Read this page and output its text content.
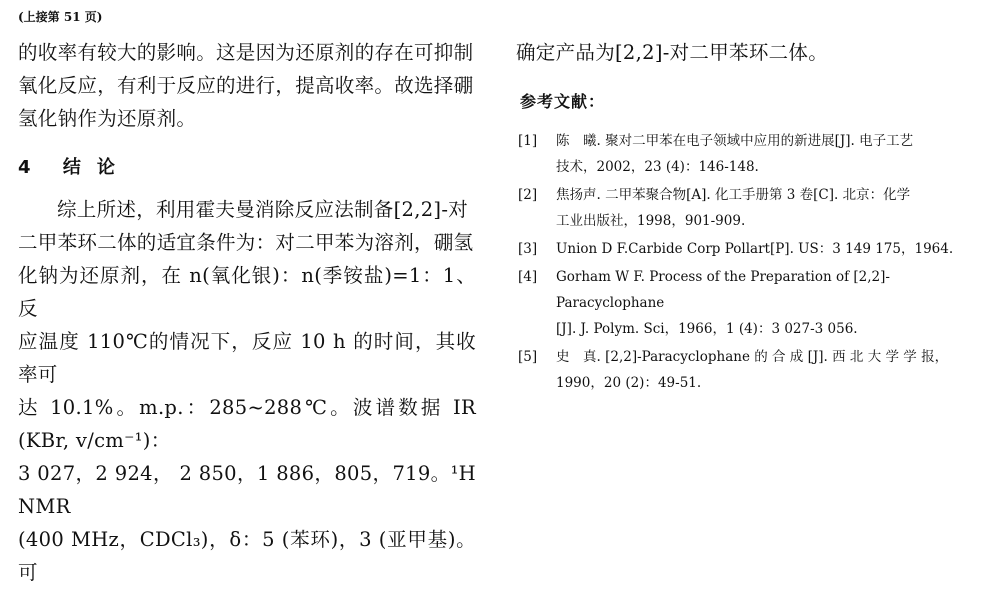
(上接第 51 页)

的收率有较大的影响。这是因为还原剂的存在可抑制

氧化反应，有利于反应的进行，提高收率。故选择硼

氢化钠作为还原剂。

4 结 论

综上所述，利用霍夫曼消除反应法制备[2,2]-对

二甲苯环二体的适宜条件为：对二甲苯为溶剂，硼氢

化钠为还原剂，在 n(氧化银)：n(季铵盐)=1：1、反

应温度 110℃的情况下，反应 10 h 的时间，其收率可

达 10.1%。m.p.：285~288℃。波谱数据 IR (KBr, v/cm⁻¹)：

3 027，2 924， 2 850，1 886，805，719。¹H NMR

(400 MHz，CDCl₃)，δ：5 (苯环)，3 (亚甲基)。可

确定产品为[2,2]-对二甲苯环二体。

参考文献：
[1]	陈　曦. 聚对二甲苯在电子领域中应用的新进展[J]. 电子工艺
技术，2002，23 (4)：146-148.
[2]	焦扬声. 二甲苯聚合物[A]. 化工手册第 3 卷[C]. 北京：化学
工业出版社，1998，901-909.
[3]	Union D F.Carbide Corp Pollart[P]. US：3 149 175，1964.
[4]	Gorham W F. Process of the Preparation of [2,2]-Paracyclophane
[J]. J. Polym. Sci，1966，1 (4)：3 027-3 056.
[5]	史　真. [2,2]-Paracyclophane 的 合 成 [J]. 西 北 大 学 学 报，
1990，20 (2)：49-51.
